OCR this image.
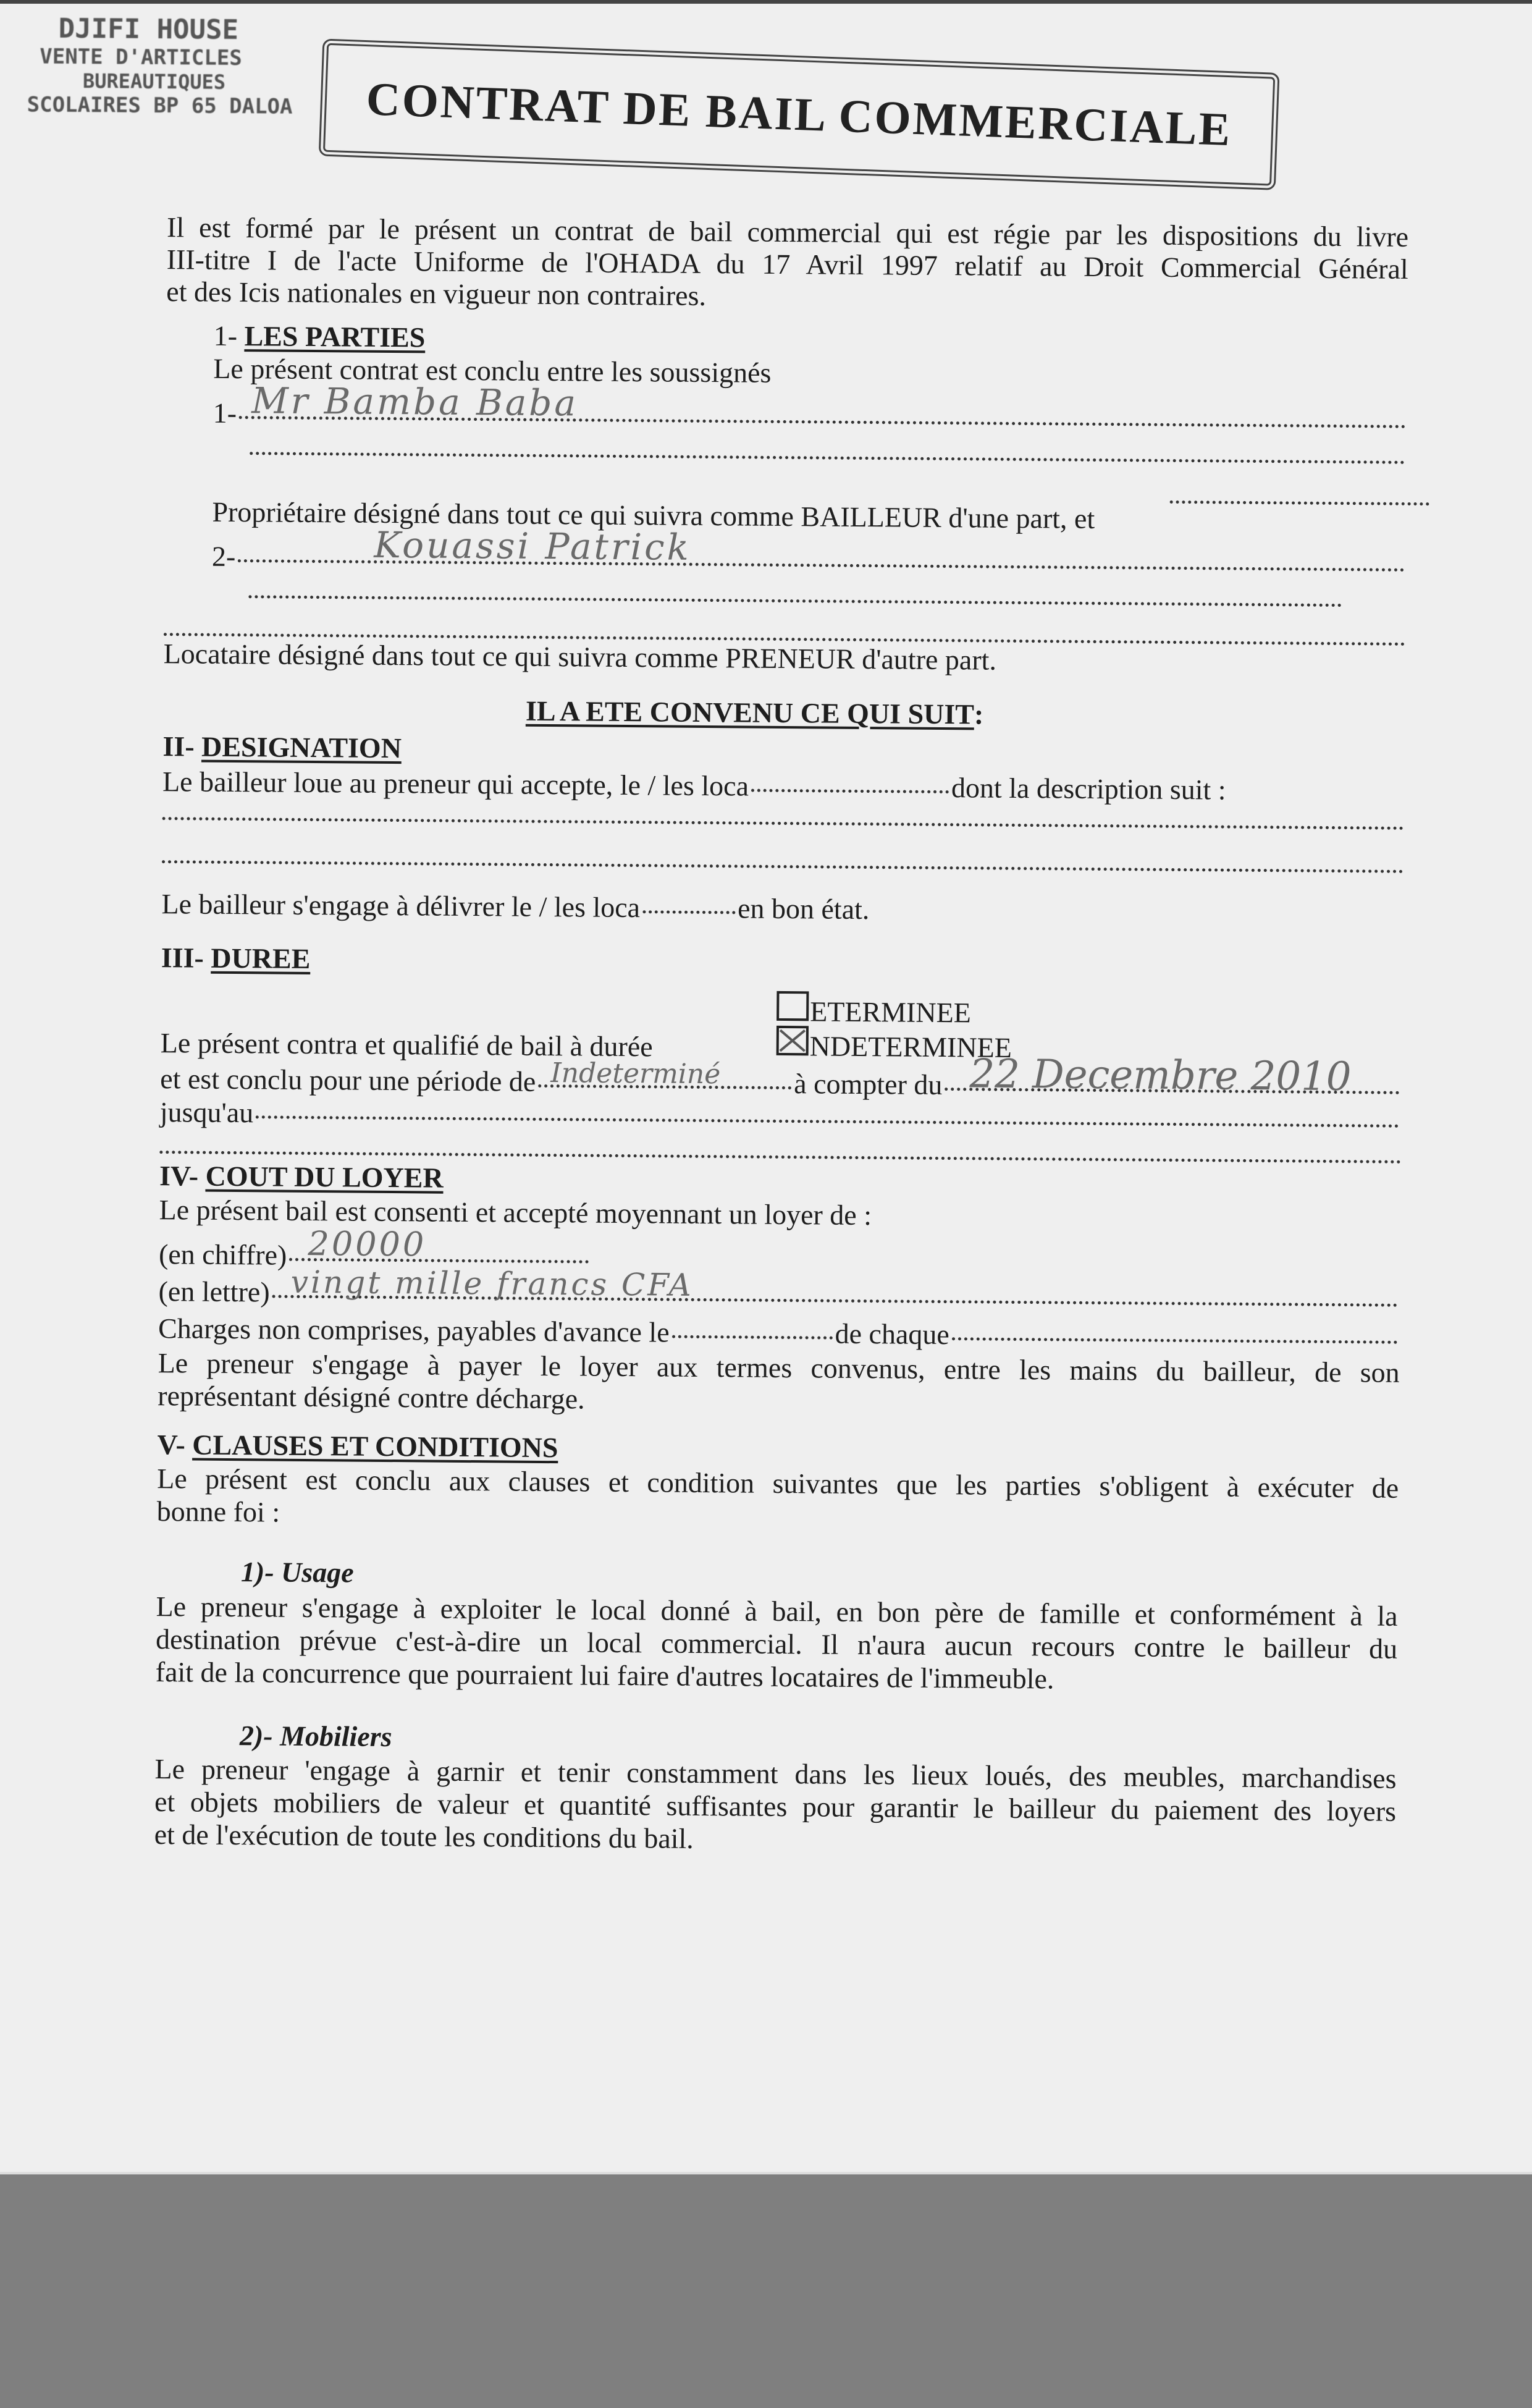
DJIFI HOUSE
VENTE D'ARTICLES
BUREAUTIQUES
SCOLAIRES BP 65 DALOA	CONTRAT DE BAIL COMMERCIALE
Il est formé par le présent un contrat de bail commercial qui est régie par les dispositions du livre
III-titre I de l'acte Uniforme de l'OHADA du 17 Avril 1997 relatif au Droit Commercial Général
et des Icis nationales en vigueur non contraires.
1-
LES PARTIES
Le présent contrat est conclu entre les soussignés
1- Mr Bamba Baba
Propriétaire désigné dans tout ce qui suivra comme BAILLEUR d'une part, et
2-	Kouassi Patrick
Locataire désigné dans tout ce qui suivra comme PRENEUR d'autre part.
IL A ETE CONVENU CE QUI SUIT :
II-
DESIGNATION
Le bailleur loue au preneur qui accepte, le / les loca	dont la description suit :
Le bailleur s'engage à délivrer le / les loca	en bon état.
III-
DUREE
ETERMINEE
NDETERMINEE
Le présent contra et qualifié de bail à durée
et est conclu pour une période de Indeterminé	à compter du 22 Decembre 2010
jusqu'au
IV-
COUT DU LOYER
Le présent bail est consenti et accepté moyennant un loyer de :
(en chiffre) 20000
(en lettre) vingt mille francs CFA
Charges non comprises, payables d'avance le	de chaque
Le preneur s'engage à payer le loyer aux termes convenus, entre les mains du bailleur, de son
représentant désigné contre décharge.
V-
CLAUSES ET CONDITIONS
Le présent est conclu aux clauses et condition suivantes que les parties s'obligent à exécuter de
bonne foi :
1)- Usage
Le preneur s'engage à exploiter le local donné à bail, en bon père de famille et conformément à la
destination prévue c'est-à-dire un local commercial. Il n'aura aucun recours contre le bailleur du
fait de la concurrence que pourraient lui faire d'autres locataires de l'immeuble.
2)- Mobiliers
Le preneur 'engage à garnir et tenir constamment dans les lieux loués, des meubles, marchandises
et objets mobiliers de valeur et quantité suffisantes pour garantir le bailleur du paiement des loyers
et de l'exécution de toute les conditions du bail.
